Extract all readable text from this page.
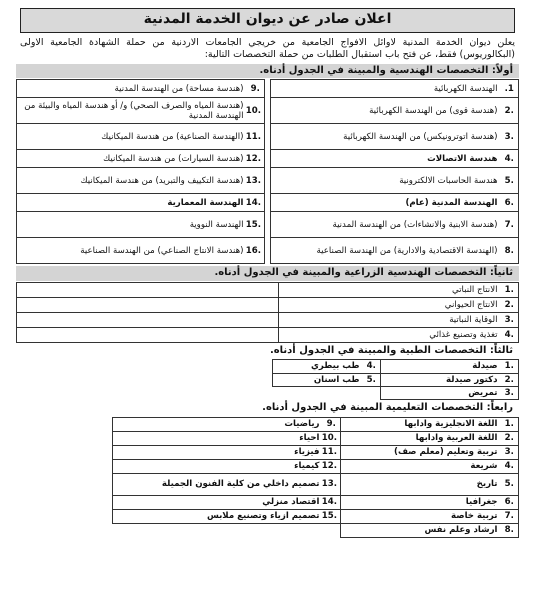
اعلان صادر عن ديوان الخدمة المدنية

يعلن ديوان الخدمة المدنية لاوائل الافواج الجامعية من خريجي الجامعات الاردنية من حملة الشهادة الجامعية الاولى (البكالوريوس) فقط، عن فتح باب استقبال الطلبات من حملة التخصصات التالية:

أولاً: التخصصات الهندسية والمبينة في الجدول أدناه.
1.	الهندسة الكهربائية		.9	(هندسة مساحة) من الهندسة المدنية
.2	(هندسة قوى) من الهندسة الكهربائية		.10	(هندسة المياه والصرف الصحي) و/ أو هندسة المياه والبيئة من الهندسة المدنية
.3	(هندسة اتوترونيكس) من الهندسة الكهربائية		.11	(الهندسة الصناعية) من هندسة الميكانيك
.4	هندسة الاتصالات		.12	(هندسة السيارات) من هندسة الميكانيك
.5	هندسة الحاسبات الالكترونية		.13	(هندسة التكييف والتبريد) من هندسة الميكانيك
.6	الهندسة المدنية (عام)		.14	الهندسة المعمارية
.7	(هندسة الابنية والانشاءات) من الهندسة المدنية		.15	الهندسة النووية
.8	(الهندسة الاقتصادية والادارية) من الهندسة الصناعية		.16	(هندسة الانتاج الصناعي) من الهندسة الصناعية
ثانياً: التخصصات الهندسية الزراعية والمبينة في الجدول أدناه.
.1	الانتاج النباتي	
.2	الانتاج الحيواني	
.3	الوقاية النباتية	
.4	تغذية وتصنيع غذائي	
ثالثاً: التخصصات الطبية والمبينة في الجدول أدناه.
.1	صيدلة	.4	طب بيطري	
.2	دكتور صيدلة	.5	طب اسنان	
.3	تمريض			
رابعاً: التخصصات التعليمية المبينة في الجدول أدناه.
.1	اللغة الانجليزية وادابها	.9	رياضيات	
.2	اللغة العربية وادابها	.10	احياء	
.3	تربية وتعليم (معلم صف)	.11	فيزياء	
.4	شريعة	.12	كيمياء	
.5	تاريخ	.13	تصميم داخلي من كلية الفنون الجميلة	
.6	جغرافيا	.14	اقتصاد منزلي	
.7	تربية خاصة	.15	تصميم ازياء وتصنيع ملابس	
.8	ارشاد وعلم نفس			
